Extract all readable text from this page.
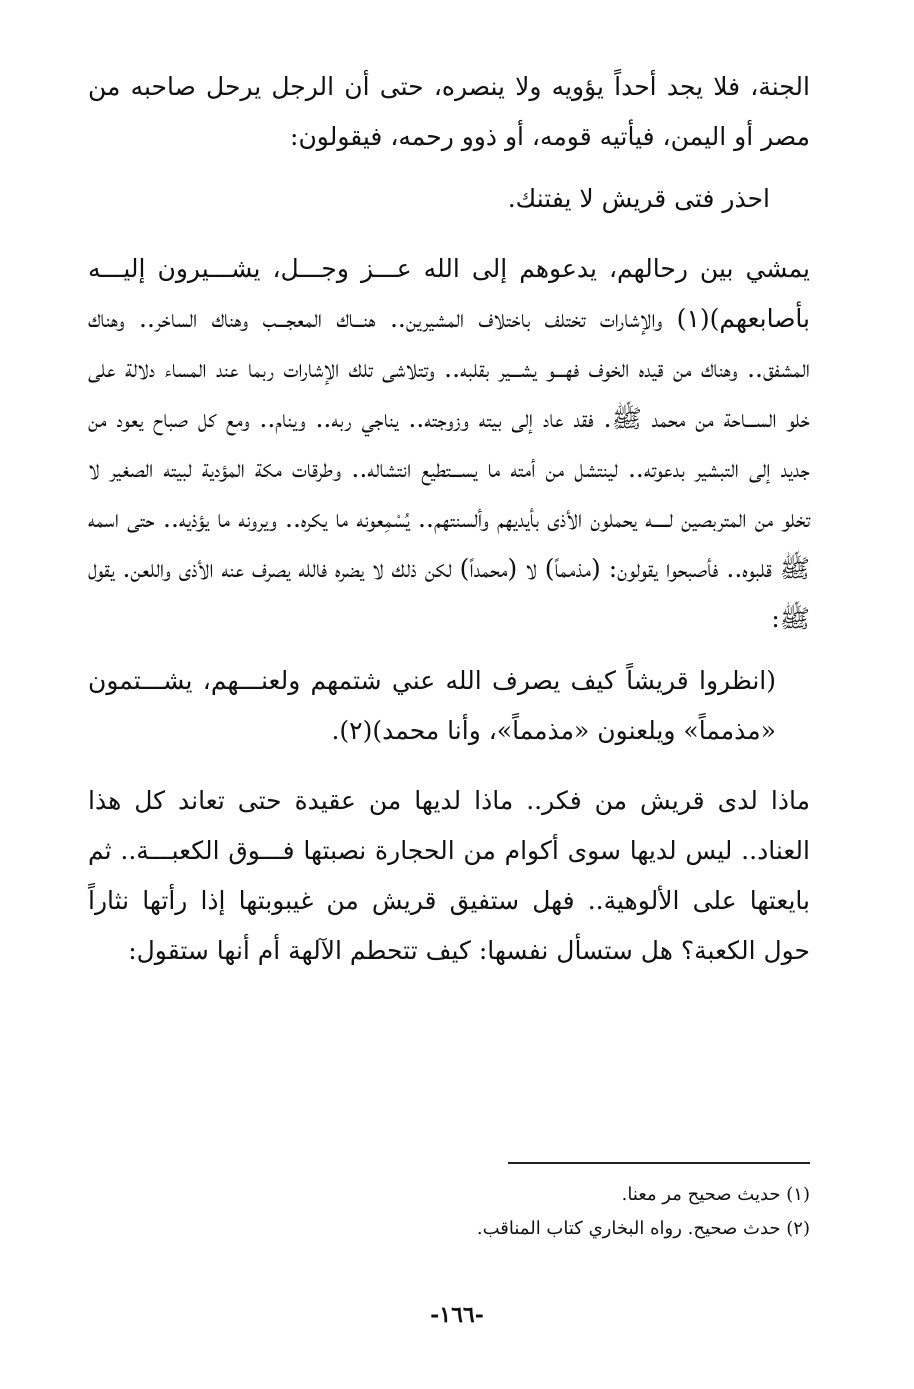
الجنة، فلا يجد أحداً يؤويه ولا ينصره، حتى أن الرجل يرحل صاحبه من مصر أو اليمن، فيأتيه قومه، أو ذوو رحمه، فيقولون:

احذر فتى قريش لا يفتنك.

يمشي بين رحالهم، يدعوهم إلى الله عـــز وجـــل، يشـــيرون إليـــه بأصابعهم)(١) والإشارات تختلف باختلاف المشيرين.. هنـــاك المعجـــب وهناك الساخر.. وهناك المشفق.. وهناك من قيده الخوف فهـــو يشـــير بقلبه.. وتتلاشى تلك الإشارات ربما عند المساء دلالة على خلو الســـاحة من محمد ﷺ. فقد عاد إلى بيته وزوجته.. يناجي ربه.. وينام.. ومع كل صباح يعود من جديد إلى التبشير بدعوته.. لينتشل من أمته ما يســـتطيع انتشاله.. وطرقات مكة المؤدية لبيته الصغير لا تخلو من المتربصين لـــــه يحملون الأذى بأيديهم وألسنتهم.. يُسْمِعونه ما يكره.. ويرونه ما يؤذيه.. حتى اسمه ﷺ قلبوه.. فأصبحوا يقولون: (مذمماً) لا (محمداً) لكن ذلك لا يضره فالله يصرف عنه الأذى واللعن. يقول ﷺ:

(انظروا قريشاً كيف يصرف الله عني شتمهم ولعنـــهم، يشـــتمون «مذمماً» ويلعنون «مذمماً»، وأنا محمد)(٢).

ماذا لدى قريش من فكر.. ماذا لديها من عقيدة حتى تعاند كل هذا العناد.. ليس لديها سوى أكوام من الحجارة نصبتها فـــوق الكعبـــة.. ثم بايعتها على الألوهية.. فهل ستفيق قريش من غيبوبتها إذا رأتها نثاراً حول الكعبة؟ هل ستسأل نفسها: كيف تتحطم الآلهة أم أنها ستقول:

(١) حديث صحيح مر معنا.

(٢) حدث صحيح. رواه البخاري كتاب المناقب.

-١٦٦-
